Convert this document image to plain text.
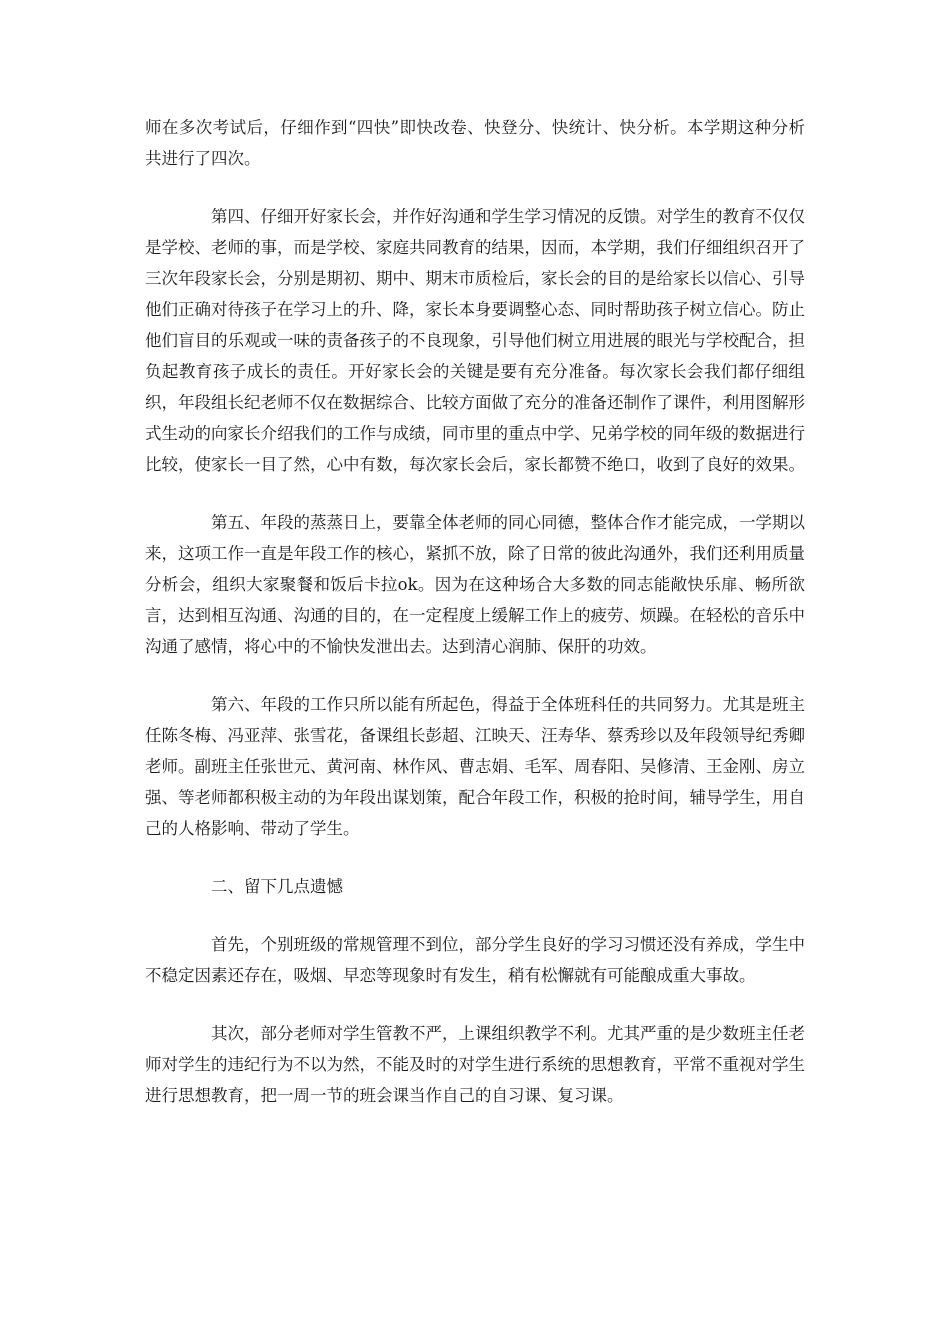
师在多次考试后，仔细作到“四快”即快改卷、快登分、快统计、快分析。本学期这种分析共进行了四次。

第四、仔细开好家长会，并作好沟通和学生学习情况的反馈。对学生的教育不仅仅是学校、老师的事，而是学校、家庭共同教育的结果，因而，本学期，我们仔细组织召开了三次年段家长会，分别是期初、期中、期末市质检后，家长会的目的是给家长以信心、引导他们正确对待孩子在学习上的升、降，家长本身要调整心态、同时帮助孩子树立信心。防止他们盲目的乐观或一味的责备孩子的不良现象，引导他们树立用进展的眼光与学校配合，担负起教育孩子成长的责任。开好家长会的关键是要有充分准备。每次家长会我们都仔细组织，年段组长纪老师不仅在数据综合、比较方面做了充分的准备还制作了课件，利用图解形式生动的向家长介绍我们的工作与成绩，同市里的重点中学、兄弟学校的同年级的数据进行比较，使家长一目了然，心中有数，每次家长会后，家长都赞不绝口，收到了良好的效果。

第五、年段的蒸蒸日上，要靠全体老师的同心同德，整体合作才能完成，一学期以来，这项工作一直是年段工作的核心，紧抓不放，除了日常的彼此沟通外，我们还利用质量分析会，组织大家聚餐和饭后卡拉ok。因为在这种场合大多数的同志能敞快乐扉、畅所欲言，达到相互沟通、沟通的目的，在一定程度上缓解工作上的疲劳、烦躁。在轻松的音乐中沟通了感情，将心中的不愉快发泄出去。达到清心润肺、保肝的功效。

第六、年段的工作只所以能有所起色，得益于全体班科任的共同努力。尤其是班主任陈冬梅、冯亚萍、张雪花，备课组长彭超、江映天、汪寿华、蔡秀珍以及年段领导纪秀卿老师。副班主任张世元、黄河南、林作风、曹志娟、毛军、周春阳、吴修清、王金刚、房立强、等老师都积极主动的为年段出谋划策，配合年段工作，积极的抢时间，辅导学生，用自己的人格影响、带动了学生。

二、留下几点遗憾

首先，个别班级的常规管理不到位，部分学生良好的学习习惯还没有养成，学生中不稳定因素还存在，吸烟、早恋等现象时有发生，稍有松懈就有可能酿成重大事故。

其次，部分老师对学生管教不严，上课组织教学不利。尤其严重的是少数班主任老师对学生的违纪行为不以为然，不能及时的对学生进行系统的思想教育，平常不重视对学生进行思想教育，把一周一节的班会课当作自己的自习课、复习课。
